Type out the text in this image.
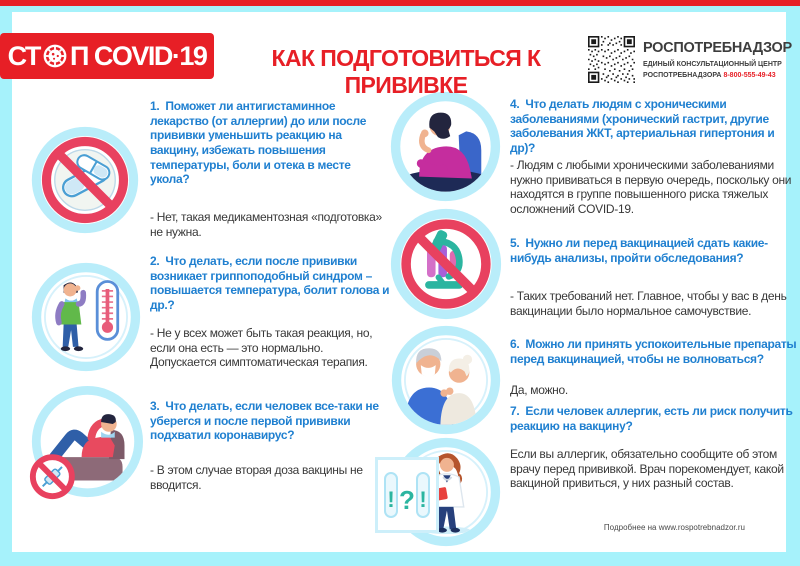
СТ П COVID·19	КАК ПОДГОТОВИТЬСЯ К ПРИВИВКЕ
РОСПОТРЕБНАДЗОР
ЕДИНЫЙ КОНСУЛЬТАЦИОННЫЙ ЦЕНТР
РОСПОТРЕБНАДЗОРА 8-800-555-49-43
! ? !
1. Поможет ли антигистаминное лекарство (от аллергии) до или после прививки уменьшить реакцию на вакцину, избежать повышения температуры, боли и отека в месте укола?
- Нет, такая медикаментозная «подготовка» не нужна.
2. Что делать, если после прививки возникает гриппоподобный синдром – повышается температура, болит голова и др.?
- Не у всех может быть такая реакция, но, если она есть — это нормально. Допускается симптоматическая терапия.
3. Что делать, если человек все-таки не уберегся и после первой прививки подхватил коронавирус?
- В этом случае вторая доза вакцины не вводится.
4. Что делать людям с хроническими заболеваниями (хронический гастрит, другие заболевания ЖКТ, артериальная гипертония и др)?
- Людям с любыми хроническими заболеваниями нужно прививаться в первую очередь, поскольку они находятся в группе повышенного риска тяжелых осложнений COVID-19.
5. Нужно ли перед вакцинацией сдать какие-нибудь анализы, пройти обследования?
- Таких требований нет. Главное, чтобы у вас в день вакцинации было нормальное самочувствие.
6. Можно ли принять успокоительные препараты перед вакцинацией, чтобы не волноваться?
Да, можно.
7. Если человек аллергик, есть ли риск получить реакцию на вакцину?
Если вы аллергик, обязательно сообщите об этом врачу перед прививкой. Врач порекомендует, какой вакциной привиться, у них разный состав.
Подробнее на www.rospotrebnadzor.ru
